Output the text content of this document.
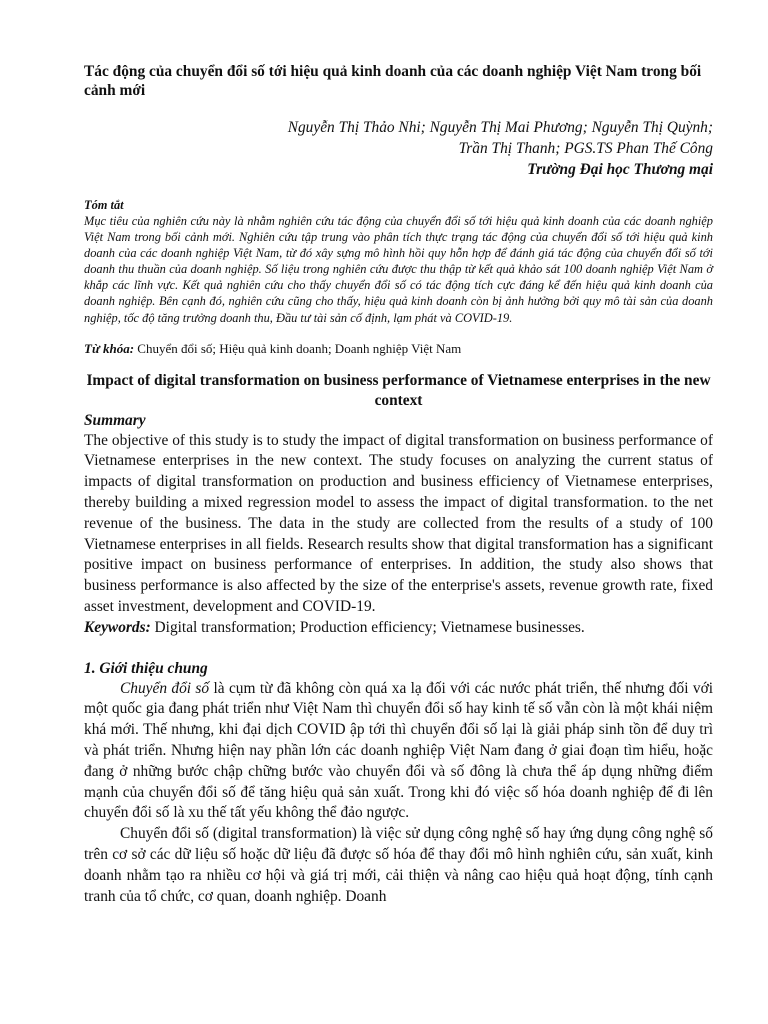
Tác động của chuyển đổi số tới hiệu quả kinh doanh của các doanh nghiệp Việt Nam trong bối cảnh mới

Nguyễn Thị Thảo Nhi; Nguyễn Thị Mai Phương; Nguyễn Thị Quỳnh;
Trần Thị Thanh; PGS.TS Phan Thế Công
Trường Đại học Thương mại
Tóm tắt

Mục tiêu của nghiên cứu này là nhằm nghiên cứu tác động của chuyển đổi số tới hiệu quả kinh doanh của các doanh nghiệp Việt Nam trong bối cảnh mới. Nghiên cứu tập trung vào phân tích thực trạng tác động của chuyển đổi số tới hiệu quả kinh doanh của các doanh nghiệp Việt Nam, từ đó xây sựng mô hình hồi quy hỗn hợp để đánh giá tác động của chuyển đổi số tới doanh thu thuần của doanh nghiệp. Số liệu trong nghiên cứu được thu thập từ kết quả khảo sát 100 doanh nghiệp Việt Nam ở khắp các lĩnh vực. Kết quả nghiên cứu cho thấy chuyển đổi số có tác động tích cực đáng kể đến hiệu quả kinh doanh của doanh nghiệp. Bên cạnh đó, nghiên cứu cũng cho thấy, hiệu quả kinh doanh còn bị ảnh hưởng bởi quy mô tài sản của doanh nghiệp, tốc độ tăng trưởng doanh thu, Đầu tư tài sản cố định, lạm phát và COVID-19.

Từ khóa: Chuyển đổi số; Hiệu quả kinh doanh; Doanh nghiệp Việt Nam
Impact of digital transformation on business performance of Vietnamese enterprises in the new context
Summary

The objective of this study is to study the impact of digital transformation on business performance of Vietnamese enterprises in the new context. The study focuses on analyzing the current status of impacts of digital transformation on production and business efficiency of Vietnamese enterprises, thereby building a mixed regression model to assess the impact of digital transformation. to the net revenue of the business. The data in the study are collected from the results of a study of 100 Vietnamese enterprises in all fields. Research results show that digital transformation has a significant positive impact on business performance of enterprises. In addition, the study also shows that business performance is also affected by the size of the enterprise's assets, revenue growth rate, fixed asset investment, development and COVID-19.

Keywords: Digital transformation; Production efficiency; Vietnamese businesses.
1. Giới thiệu chung

Chuyển đổi số là cụm từ đã không còn quá xa lạ đối với các nước phát triển, thế nhưng đối với một quốc gia đang phát triển như Việt Nam thì chuyển đổi số hay kinh tế số vẫn còn là một khái niệm khá mới. Thế nhưng, khi đại dịch COVID ập tới thì chuyển đổi số lại là giải pháp sinh tồn để duy trì và phát triển. Nhưng hiện nay phần lớn các doanh nghiệp Việt Nam đang ở giai đoạn tìm hiểu, hoặc đang ở những bước chập chững bước vào chuyển đổi và số đông là chưa thể áp dụng những điểm mạnh của chuyển đổi số để tăng hiệu quả sản xuất. Trong khi đó việc số hóa doanh nghiệp để đi lên chuyển đổi số là xu thế tất yếu không thể đảo ngược.

Chuyển đổi số (digital transformation) là việc sử dụng công nghệ số hay ứng dụng công nghệ số trên cơ sở các dữ liệu số hoặc dữ liệu đã được số hóa để thay đổi mô hình nghiên cứu, sản xuất, kinh doanh nhằm tạo ra nhiều cơ hội và giá trị mới, cải thiện và nâng cao hiệu quả hoạt động, tính cạnh tranh của tổ chức, cơ quan, doanh nghiệp. Doanh
